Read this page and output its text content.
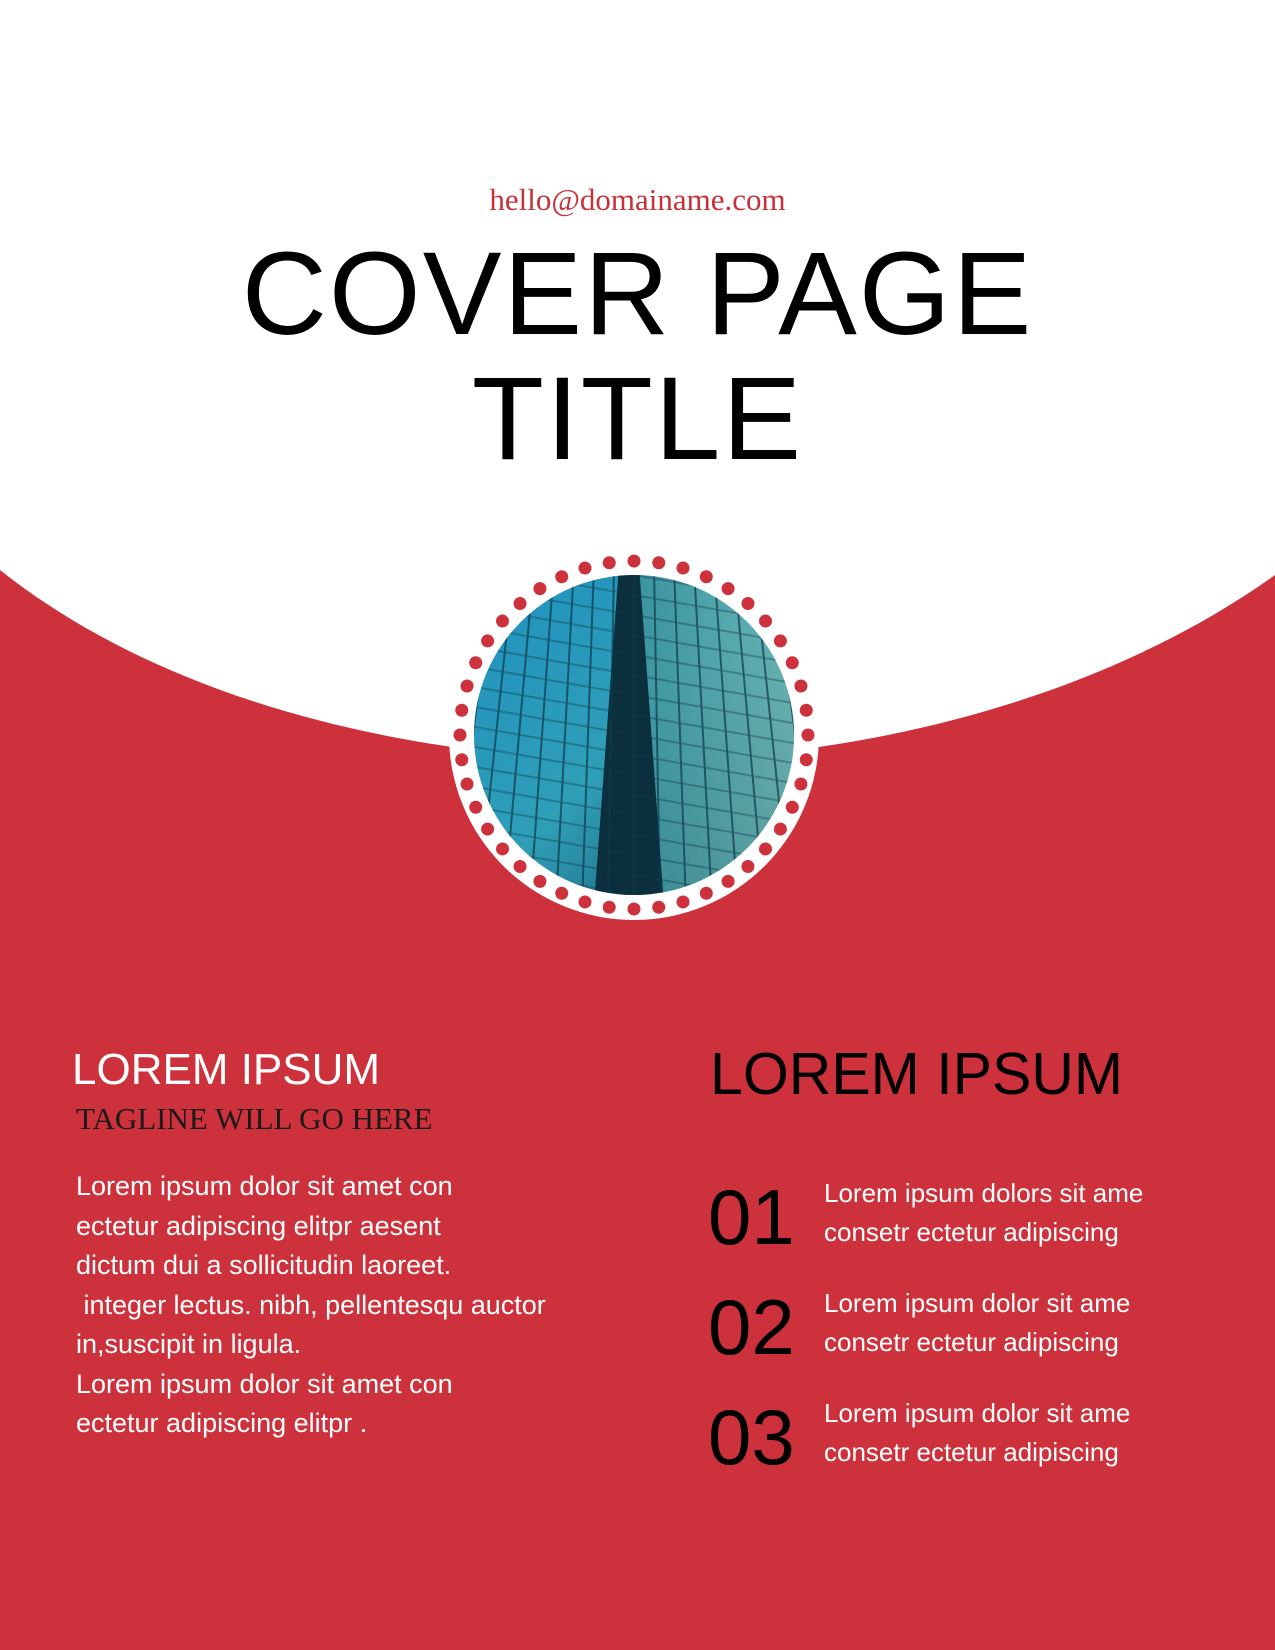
hello@domainame.com
COVER PAGE
TITLE
LOREM IPSUM
TAGLINE WILL GO HERE
Lorem ipsum dolor sit amet con
ectetur adipiscing elitpr aesent
dictum dui a sollicitudin laoreet.
integer lectus. nibh, pellentesqu auctor
in,suscipit in ligula.
Lorem ipsum dolor sit amet con
ectetur adipiscing elitpr .
LOREM IPSUM
01 Lorem ipsum dolors sit ame
consetr ectetur adipiscing
02 Lorem ipsum dolor sit ame
consetr ectetur adipiscing
03 Lorem ipsum dolor sit ame
consetr ectetur adipiscing
